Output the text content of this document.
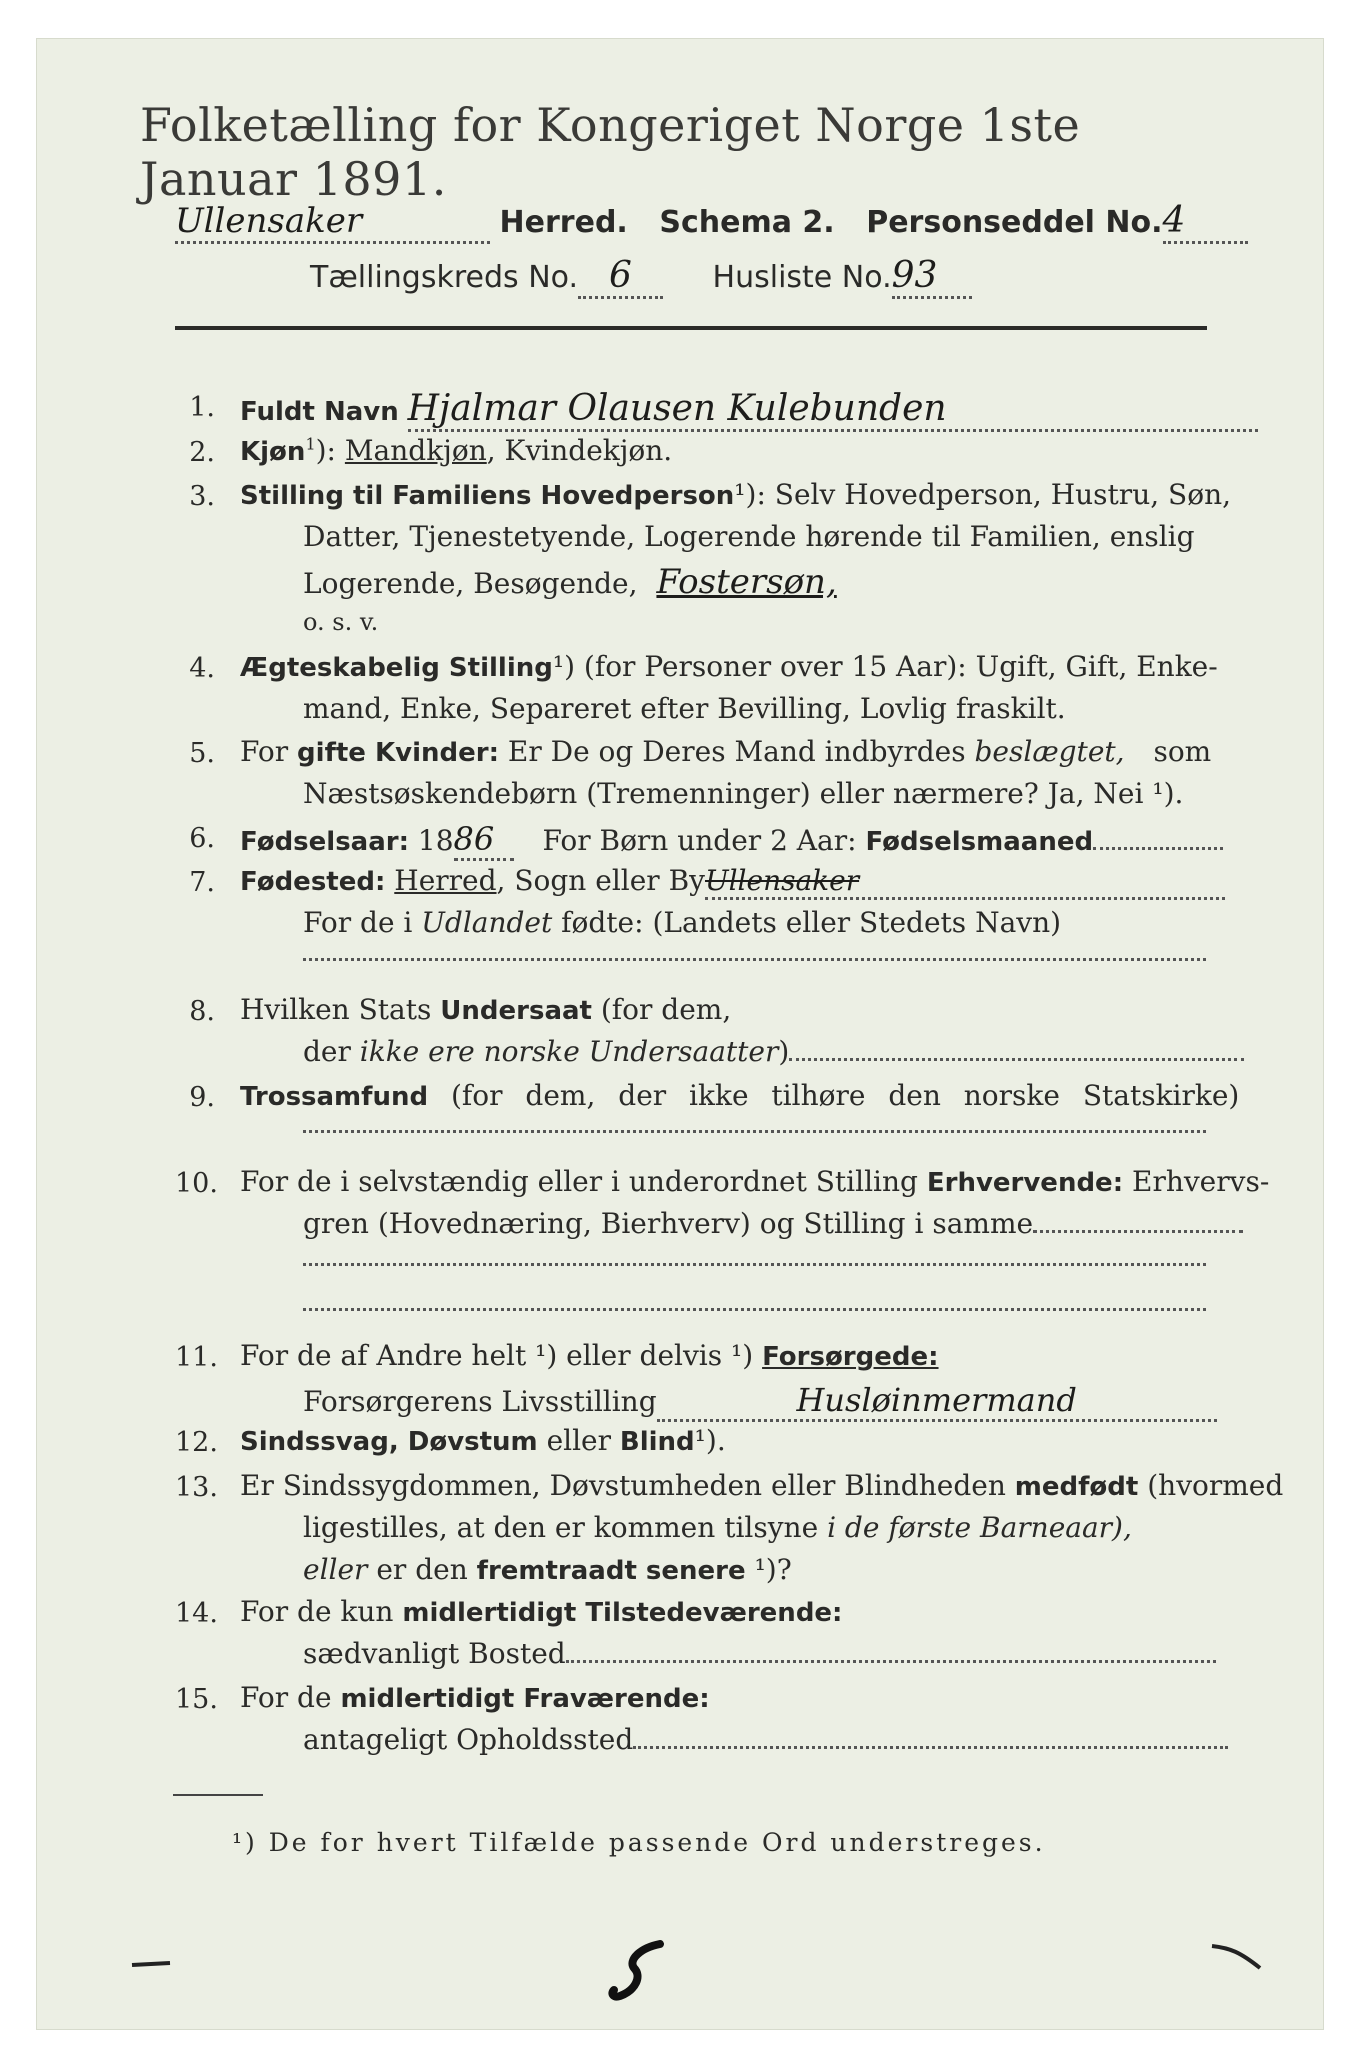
Folketælling for Kongeriget Norge 1ste Januar 1891.
Ullensaker	Herred. Schema 2. Personseddel No.4
Tællingskreds No. 6	Husliste No.93
1. Fuldt Navn Hjalmar Olausen Kulebunden
2. Kjøn$^1$): Mandkjøn, Kvindekjøn.
3. Stilling til Familiens Hovedperson¹): Selv Hovedperson, Hustru, Søn,
Datter, Tjenestetyende, Logerende hørende til Familien, enslig
Logerende, Besøgende, Fostersøn,
o. s. v.
4. Ægteskabelig Stilling¹) (for Personer over 15 Aar): Ugift, Gift, Enke-
mand, Enke, Separeret efter Bevilling, Lovlig fraskilt.
5. For gifte Kvinder: Er De og Deres Mand indbyrdes beslægtet, som
Næstsøskendebørn (Tremenninger) eller nærmere? Ja, Nei ¹).
6. Fødselsaar: 1886 For Børn under 2 Aar: Fødselsmaaned
7. Fødested: Herred, Sogn eller ByUllensaker
For de i Udlandet fødte: (Landets eller Stedets Navn)
8. Hvilken Stats Undersaat (for dem,
der ikke ere norske Undersaatter)
9. Trossamfund (for dem, der ikke tilhøre den norske Statskirke)
10. For de i selvstændig eller i underordnet Stilling Erhvervende: Erhvervs-
gren (Hovednæring, Bierhverv) og Stilling i samme
11. For de af Andre helt ¹) eller delvis ¹) Forsørgede:
Forsørgerens Livsstilling	Husløinmermand
12. Sindssvag, Døvstum eller Blind¹).
13. Er Sindssygdommen, Døvstumheden eller Blindheden medfødt (hvormed
ligestilles, at den er kommen tilsyne i de første Barneaar),
eller er den fremtraadt senere ¹)?
14. For de kun midlertidigt Tilstedeværende:
sædvanligt Bosted
15. For de midlertidigt Fraværende:
antageligt Opholdssted
¹) De for hvert Tilfælde passende Ord understreges.
